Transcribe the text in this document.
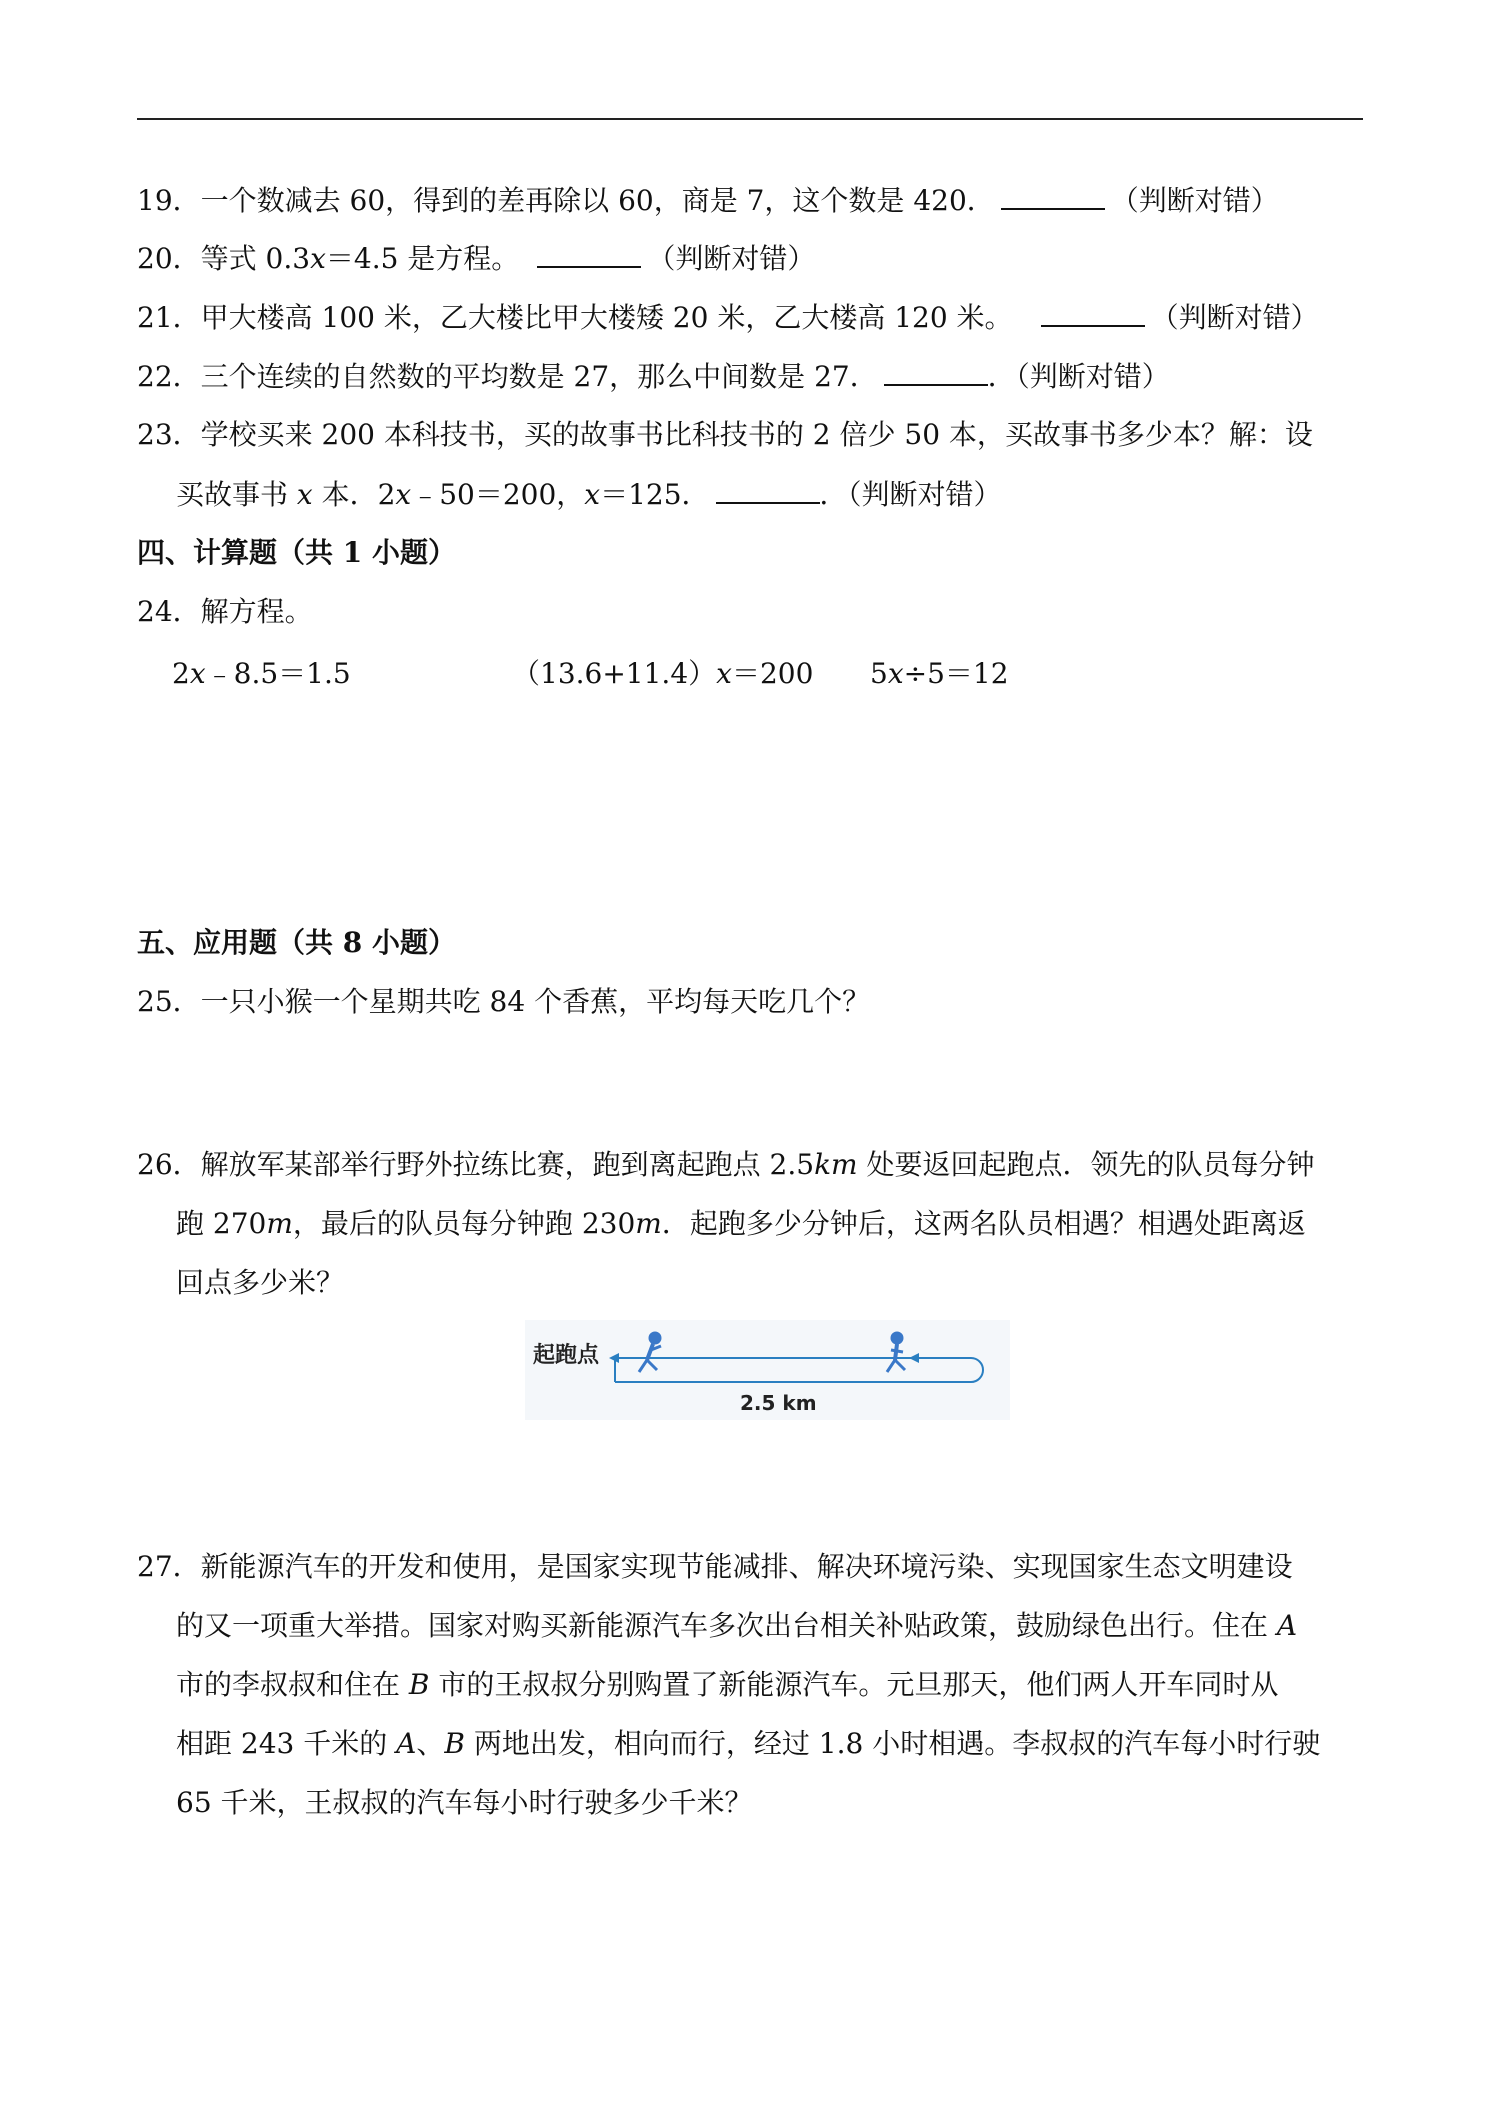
19．一个数减去 60，得到的差再除以 60，商是 7，这个数是 420．	（判断对错）
20．等式 0.3x＝4.5 是方程。	（判断对错）
21．甲大楼高 100 米，乙大楼比甲大楼矮 20 米，乙大楼高 120 米。	（判断对错）
22．三个连续的自然数的平均数是 27，那么中间数是 27．	．（判断对错）
23．学校买来 200 本科技书，买的故事书比科技书的 2 倍少 50 本，买故事书多少本？解：设
买故事书 x 本．2x﹣50＝200，x＝125．	．（判断对错）
四、计算题（共 1 小题）
24．解方程。
2x﹣8.5＝1.5	（13.6+11.4）x＝200 5x÷5＝12
五、应用题（共 8 小题）
25．一只小猴一个星期共吃 84 个香蕉，平均每天吃几个？
26．解放军某部举行野外拉练比赛，跑到离起跑点 2.5km 处要返回起跑点．领先的队员每分钟
跑 270m，最后的队员每分钟跑 230m．起跑多少分钟后，这两名队员相遇？相遇处距离返
回点多少米？
起跑点
2.5 km
27．新能源汽车的开发和使用，是国家实现节能减排、解决环境污染、实现国家生态文明建设
的又一项重大举措。国家对购买新能源汽车多次出台相关补贴政策，鼓励绿色出行。住在 A
市的李叔叔和住在 B 市的王叔叔分别购置了新能源汽车。元旦那天，他们两人开车同时从
相距 243 千米的 A、B 两地出发，相向而行，经过 1.8 小时相遇。李叔叔的汽车每小时行驶
65 千米，王叔叔的汽车每小时行驶多少千米？
